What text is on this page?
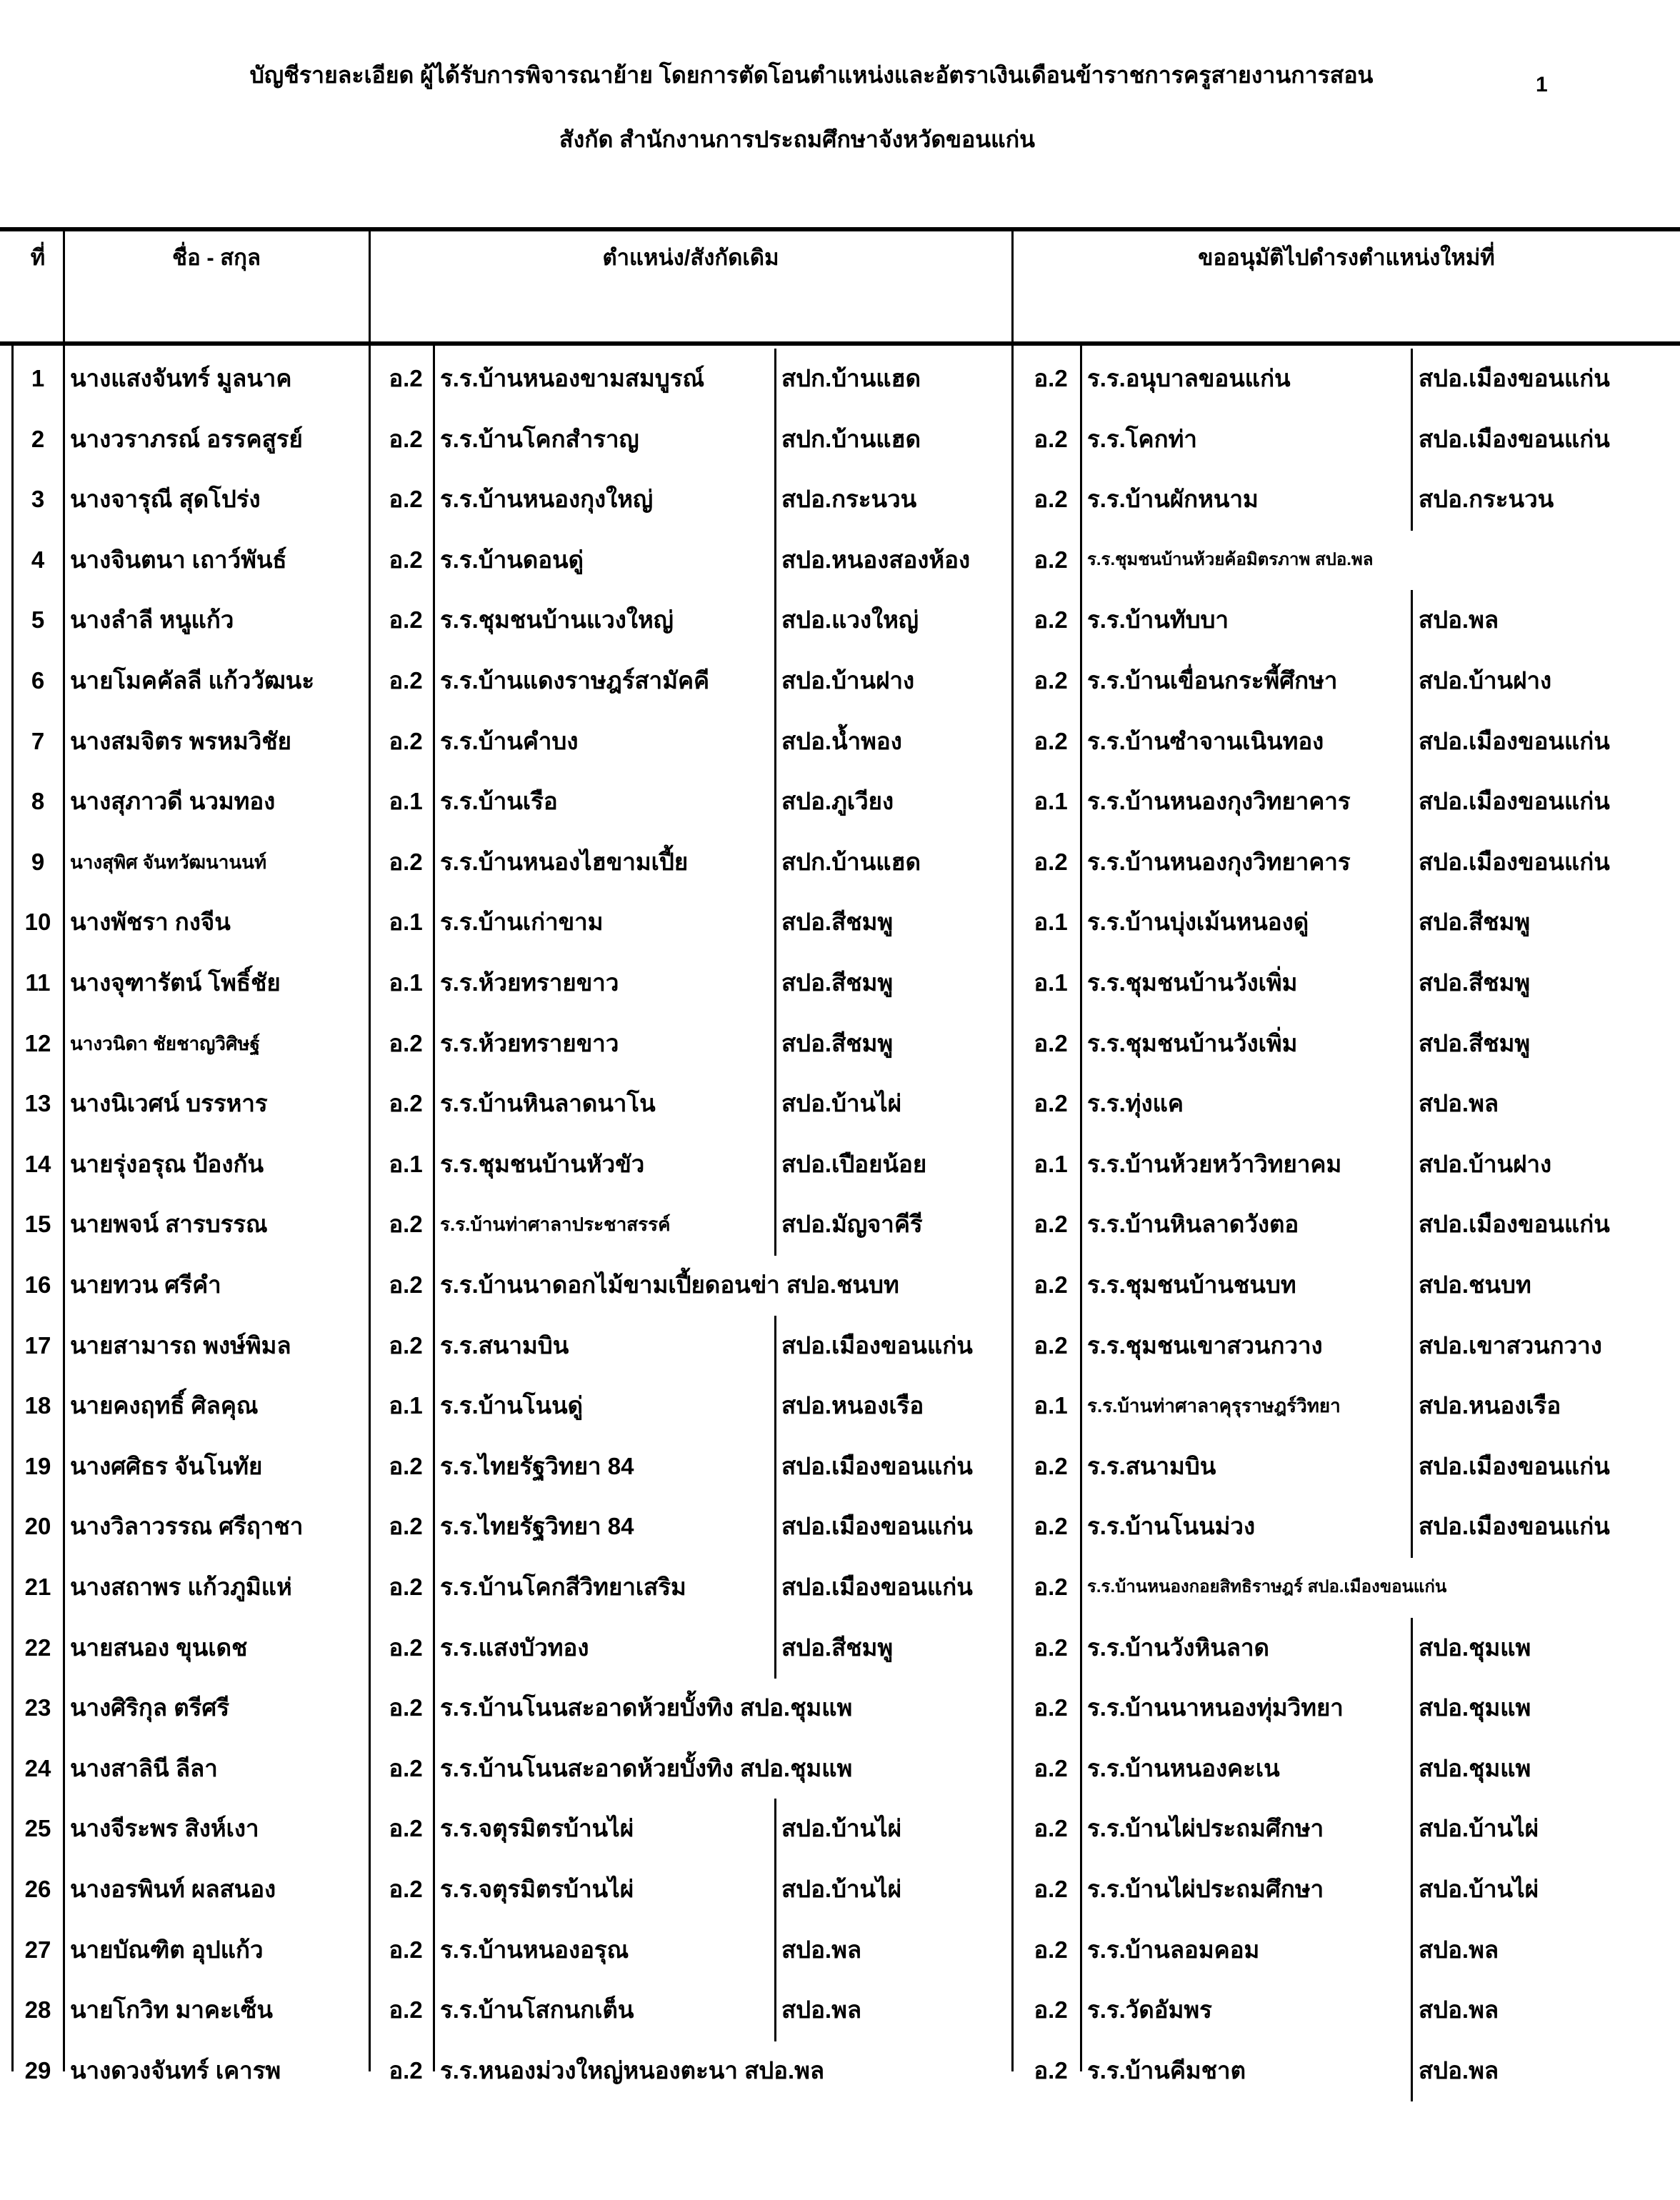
บัญชีรายละเอียด ผู้ได้รับการพิจารณาย้าย โดยการตัดโอนตำแหน่งและอัตราเงินเดือนข้าราชการครูสายงานการสอน
สังกัด สำนักงานการประถมศึกษาจังหวัดขอนแก่น
1
ที่	ชื่อ - สกุล	ตำแหน่ง/สังกัดเดิม	ขออนุมัติไปดำรงตำแหน่งใหม่ที่
1	นางแสงจันทร์ มูลนาค	อ.2 ร.ร.บ้านหนองขามสมบูรณ์	สปก.บ้านแฮด	อ.2 ร.ร.อนุบาลขอนแก่น	สปอ.เมืองขอนแก่น
2	นางวราภรณ์ อรรคสูรย์	อ.2 ร.ร.บ้านโคกสำราญ	สปก.บ้านแฮด	อ.2 ร.ร.โคกท่า	สปอ.เมืองขอนแก่น
3	นางจารุณี สุดโปร่ง	อ.2 ร.ร.บ้านหนองกุงใหญ่	สปอ.กระนวน	อ.2 ร.ร.บ้านผักหนาม	สปอ.กระนวน
4	นางจินตนา เถาว์พันธ์	อ.2 ร.ร.บ้านดอนดู่	สปอ.หนองสองห้อง	อ.2	ร.ร.ชุมชนบ้านห้วยค้อมิตรภาพ สปอ.พล
5	นางลำลี หนูแก้ว	อ.2 ร.ร.ชุมชนบ้านแวงใหญ่	สปอ.แวงใหญ่	อ.2 ร.ร.บ้านทับบา	สปอ.พล
6	นายโมคคัลลี แก้ววัฒนะ	อ.2 ร.ร.บ้านแดงราษฎร์สามัคคี	สปอ.บ้านฝาง	อ.2 ร.ร.บ้านเขื่อนกระพี้ศึกษา	สปอ.บ้านฝาง
7	นางสมจิตร พรหมวิชัย	อ.2 ร.ร.บ้านคำบง	สปอ.น้ำพอง	อ.2 ร.ร.บ้านซำจานเนินทอง	สปอ.เมืองขอนแก่น
8	นางสุภาวดี นวมทอง	อ.1 ร.ร.บ้านเรือ	สปอ.ภูเวียง	อ.1 ร.ร.บ้านหนองกุงวิทยาคาร	สปอ.เมืองขอนแก่น
9	นางสุพิศ จันทวัฒนานนท์	อ.2 ร.ร.บ้านหนองไฮขามเปี้ย	สปก.บ้านแฮด	อ.2 ร.ร.บ้านหนองกุงวิทยาคาร	สปอ.เมืองขอนแก่น
10 นางพัชรา กงจีน	อ.1 ร.ร.บ้านเก่าขาม	สปอ.สีชมพู	อ.1 ร.ร.บ้านบุ่งเม้นหนองดู่	สปอ.สีชมพู
11 นางจุฑารัตน์ โพธิ์ชัย	อ.1 ร.ร.ห้วยทรายขาว	สปอ.สีชมพู	อ.1 ร.ร.ชุมชนบ้านวังเพิ่ม	สปอ.สีชมพู
12	นางวนิดา ชัยชาญวิศิษฐ์	อ.2 ร.ร.ห้วยทรายขาว	สปอ.สีชมพู	อ.2 ร.ร.ชุมชนบ้านวังเพิ่ม	สปอ.สีชมพู
13 นางนิเวศน์ บรรหาร	อ.2 ร.ร.บ้านหินลาดนาโน	สปอ.บ้านไผ่	อ.2 ร.ร.ทุ่งแค	สปอ.พล
14 นายรุ่งอรุณ ป้องกัน	อ.1 ร.ร.ชุมชนบ้านหัวขัว	สปอ.เปือยน้อย	อ.1 ร.ร.บ้านห้วยหว้าวิทยาคม	สปอ.บ้านฝาง
15 นายพจน์ สารบรรณ	อ.2 ร.ร.บ้านท่าศาลาประชาสรรค์	สปอ.มัญจาคีรี	อ.2 ร.ร.บ้านหินลาดวังตอ	สปอ.เมืองขอนแก่น
16 นายทวน ศรีคำ	อ.2 ร.ร.บ้านนาดอกไม้ขามเปี้ยดอนข่า สปอ.ชนบท	อ.2 ร.ร.ชุมชนบ้านชนบท	สปอ.ชนบท
17 นายสามารถ พงษ์พิมล	อ.2 ร.ร.สนามบิน	สปอ.เมืองขอนแก่น	อ.2 ร.ร.ชุมชนเขาสวนกวาง	สปอ.เขาสวนกวาง
18 นายคงฤทธิ์ ศิลคุณ	อ.1 ร.ร.บ้านโนนดู่	สปอ.หนองเรือ	อ.1	ร.ร.บ้านท่าศาลาคุรุราษฎร์วิทยา	สปอ.หนองเรือ
19 นางศศิธร จันโนทัย	อ.2 ร.ร.ไทยรัฐวิทยา 84	สปอ.เมืองขอนแก่น	อ.2 ร.ร.สนามบิน	สปอ.เมืองขอนแก่น
20 นางวิลาวรรณ ศรีฤาชา	อ.2 ร.ร.ไทยรัฐวิทยา 84	สปอ.เมืองขอนแก่น	อ.2 ร.ร.บ้านโนนม่วง	สปอ.เมืองขอนแก่น
21 นางสถาพร แก้วภูมิแห่	อ.2 ร.ร.บ้านโคกสีวิทยาเสริม	สปอ.เมืองขอนแก่น	อ.2	ร.ร.บ้านหนองกอยสิทธิราษฎร์ สปอ.เมืองขอนแก่น
22 นายสนอง ขุนเดช	อ.2 ร.ร.แสงบัวทอง	สปอ.สีชมพู	อ.2 ร.ร.บ้านวังหินลาด	สปอ.ชุมแพ
23 นางศิริกุล ตรีศรี	อ.2 ร.ร.บ้านโนนสะอาดห้วยบั้งทิง สปอ.ชุมแพ	อ.2 ร.ร.บ้านนาหนองทุ่มวิทยา	สปอ.ชุมแพ
24 นางสาลินี ลีลา	อ.2 ร.ร.บ้านโนนสะอาดห้วยบั้งทิง สปอ.ชุมแพ	อ.2 ร.ร.บ้านหนองคะเน	สปอ.ชุมแพ
25 นางจีระพร สิงห์เงา	อ.2 ร.ร.จตุรมิตรบ้านไผ่	สปอ.บ้านไผ่	อ.2 ร.ร.บ้านไผ่ประถมศึกษา	สปอ.บ้านไผ่
26 นางอรพินท์ ผลสนอง	อ.2 ร.ร.จตุรมิตรบ้านไผ่	สปอ.บ้านไผ่	อ.2 ร.ร.บ้านไผ่ประถมศึกษา	สปอ.บ้านไผ่
27 นายบัณฑิต อุปแก้ว	อ.2 ร.ร.บ้านหนองอรุณ	สปอ.พล	อ.2 ร.ร.บ้านลอมคอม	สปอ.พล
28 นายโกวิท มาคะเซ็น	อ.2 ร.ร.บ้านโสกนกเต็น	สปอ.พล	อ.2 ร.ร.วัดอัมพร	สปอ.พล
29 นางดวงจันทร์ เคารพ	อ.2 ร.ร.หนองม่วงใหญ่หนองตะนา สปอ.พล	อ.2 ร.ร.บ้านคีมชาต	สปอ.พล
